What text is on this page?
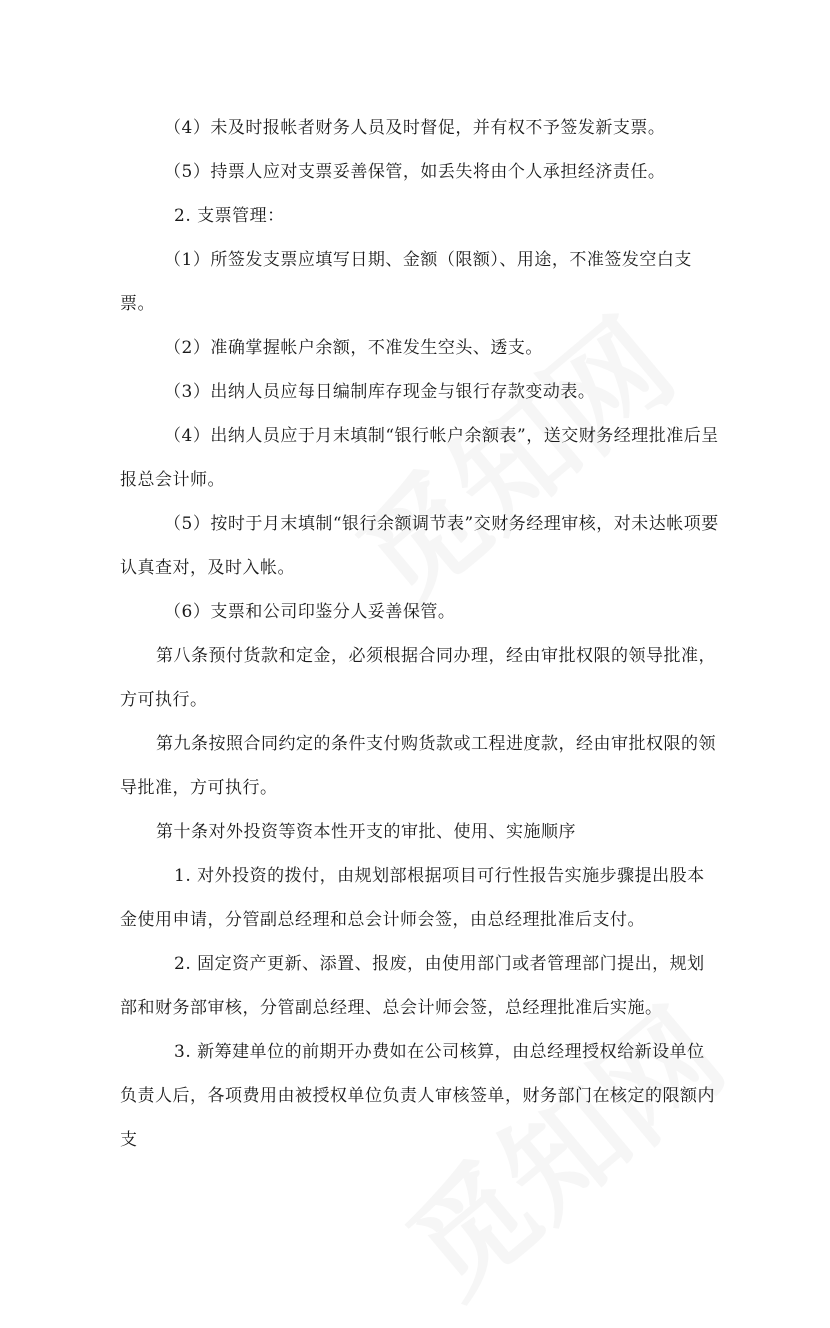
（4）未及时报帐者财务人员及时督促，并有权不予签发新支票。

（5）持票人应对支票妥善保管，如丢失将由个人承担经济责任。

2. 支票管理：

（1）所签发支票应填写日期、金额（限额）、用途，不准签发空白支票。

（2）准确掌握帐户余额，不准发生空头、透支。

（3）出纳人员应每日编制库存现金与银行存款变动表。

（4）出纳人员应于月末填制“银行帐户余额表”，送交财务经理批准后呈报总会计师。

（5）按时于月末填制“银行余额调节表”交财务经理审核，对未达帐项要认真查对，及时入帐。

（6）支票和公司印鉴分人妥善保管。

第八条预付货款和定金，必须根据合同办理，经由审批权限的领导批准，方可执行。

第九条按照合同约定的条件支付购货款或工程进度款，经由审批权限的领导批准，方可执行。

第十条对外投资等资本性开支的审批、使用、实施顺序

1. 对外投资的拨付，由规划部根据项目可行性报告实施步骤提出股本金使用申请，分管副总经理和总会计师会签，由总经理批准后支付。

2. 固定资产更新、添置、报废，由使用部门或者管理部门提出，规划部和财务部审核，分管副总经理、总会计师会签，总经理批准后实施。

3. 新筹建单位的前期开办费如在公司核算，由总经理授权给新设单位负责人后，各项费用由被授权单位负责人审核签单，财务部门在核定的限额内支
